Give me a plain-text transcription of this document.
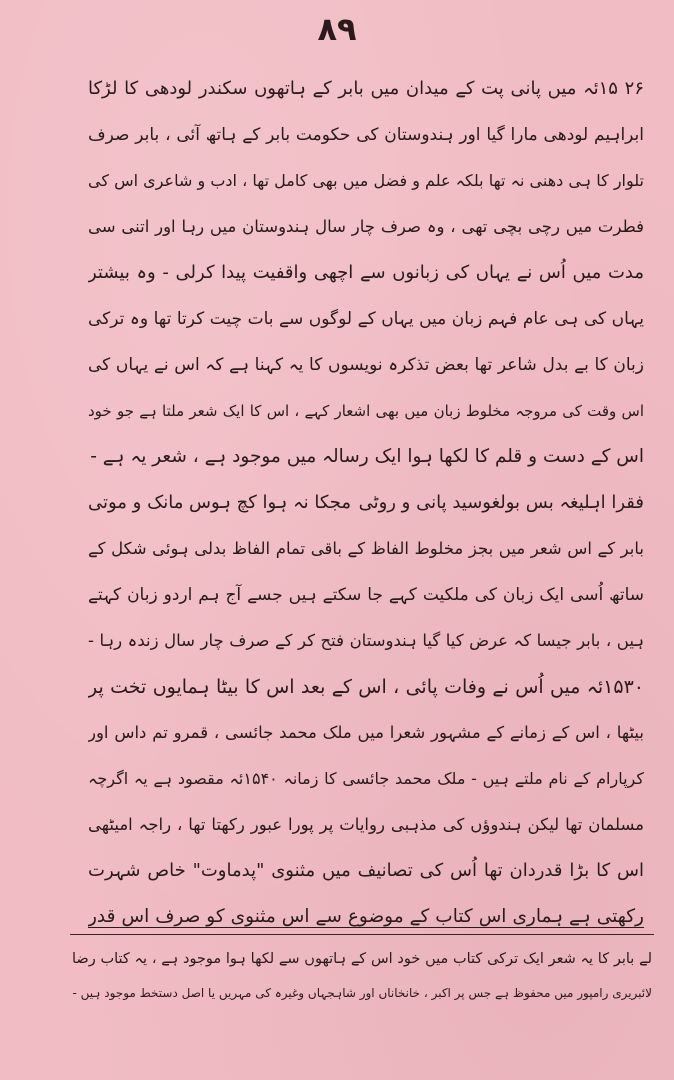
۸۹
۲۶ ۱۵ئہ میں پانی پت کے میدان میں بابر کے ہاتھوں سکندر لودھی کا لڑکا
ابراہیم لودھی مارا گیا اور ہندوستان کی حکومت بابر کے ہاتھ آئی ، بابر صرف
تلوار کا ہی دھنی نہ تھا بلکہ علم و فضل میں بھی کامل تھا ، ادب و شاعری اس کی
فطرت میں رچی بچی تھی ، وہ صرف چار سال ہندوستان میں رہا اور اتنی سی
مدت میں اُس نے یہاں کی زبانوں سے اچھی واقفیت پیدا کرلی - وہ بیشتر
یہاں کی ہی عام فہم زبان میں یہاں کے لوگوں سے بات چیت کرتا تھا وہ ترکی
زبان کا بے بدل شاعر تھا بعض تذکرہ نویسوں کا یہ کہنا ہے کہ اس نے یہاں کی
اس وقت کی مروجہ مخلوط زبان میں بھی اشعار کہے ، اس کا ایک شعر ملتا ہے جو خود
اس کے دست و قلم کا لکھا ہوا ایک رسالہ میں موجود ہے ، شعر یہ ہے -
مجکا نہ ہوا کچ ہوس مانک و موتی فقرا اہلیغہ بس بولغوسید پانی و روٹی
بابر کے اس شعر میں بجز مخلوط الفاظ کے باقی تمام الفاظ بدلی ہوئی شکل کے
ساتھ اُسی ایک زبان کی ملکیت کہے جا سکتے ہیں جسے آج ہم اردو زبان کہتے
ہیں ، بابر جیسا کہ عرض کیا گیا ہندوستان فتح کر کے صرف چار سال زندہ رہا -
۱۵۳۰ئہ میں اُس نے وفات پائی ، اس کے بعد اس کا بیٹا ہمایوں تخت پر
بیٹھا ، اس کے زمانے کے مشہور شعرا میں ملک محمد جائسی ، قمرو تم داس اور
کرپارام کے نام ملتے ہیں - ملک محمد جائسی کا زمانہ ۱۵۴۰ئہ مقصود ہے یہ اگرچہ
مسلمان تھا لیکن ہندوؤں کی مذہبی روایات پر پورا عبور رکھتا تھا ، راجہ امیٹھی
اس کا بڑا قدردان تھا اُس کی تصانیف میں مثنوی "پدماوت" خاص شہرت
رکھتی ہے ہماری اس کتاب کے موضوع سے اس مثنوی کو صرف اس قدر
لے بابر کا یہ شعر ایک ترکی کتاب میں خود اس کے ہاتھوں سے لکھا ہوا موجود ہے ، یہ کتاب رضا
لائبریری رامپور میں محفوظ ہے جس پر اکبر ، خانخاناں اور شاہجہاں وغیرہ کی مہریں یا اصل دستخط موجود ہیں -
